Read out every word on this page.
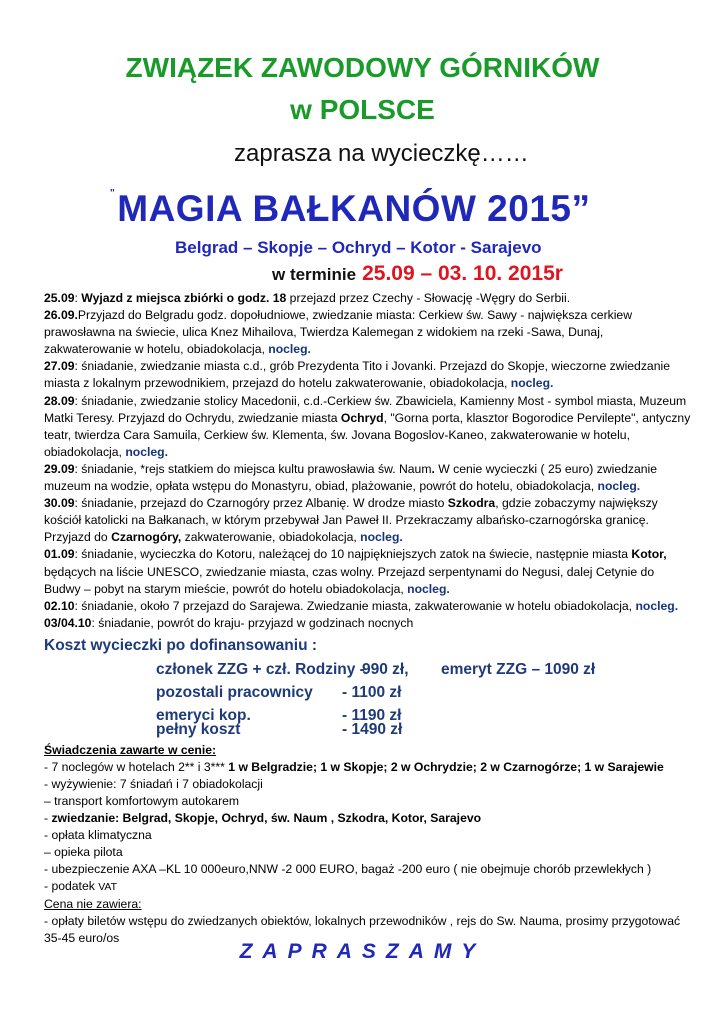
ZWIĄZEK ZAWODOWY GÓRNIKÓW
w POLSCE
zaprasza na wycieczkę……
"MAGIA BAŁKANÓW 2015”
Belgrad – Skopje – Ochryd – Kotor - Sarajevo
w terminie 25.09 – 03. 10. 2015r

25.09: Wyjazd z miejsca zbiórki o godz. 18 przejazd przez Czechy - Słowację -Węgry do Serbii.

26.09.Przyjazd do Belgradu godz. dopołudniowe, zwiedzanie miasta: Cerkiew św. Sawy - największa cerkiew prawosławna na świecie, ulica Knez Mihailova, Twierdza Kalemegan z widokiem na rzeki -Sawa, Dunaj, zakwaterowanie w hotelu, obiadokolacja, nocleg.

27.09: śniadanie, zwiedzanie miasta c.d., grób Prezydenta Tito i Jovanki. Przejazd do Skopje, wieczorne zwiedzanie miasta z lokalnym przewodnikiem, przejazd do hotelu zakwaterowanie, obiadokolacja, nocleg.

28.09: śniadanie, zwiedzanie stolicy Macedonii, c.d.-Cerkiew św. Zbawiciela, Kamienny Most - symbol miasta, Muzeum Matki Teresy. Przyjazd do Ochrydu, zwiedzanie miasta Ochryd, "Gorna porta, klasztor Bogorodice Pervilepte", antyczny teatr, twierdza Cara Samuila, Cerkiew św. Klementa, św. Jovana Bogoslov-Kaneo, zakwaterowanie w hotelu, obiadokolacja, nocleg.

29.09: śniadanie, *rejs statkiem do miejsca kultu prawosławia św. Naum. W cenie wycieczki ( 25 euro) zwiedzanie muzeum na wodzie, opłata wstępu do Monastyru, obiad, plażowanie, powrót do hotelu, obiadokolacja, nocleg.

30.09: śniadanie, przejazd do Czarnogóry przez Albanię. W drodze miasto Szkodra, gdzie zobaczymy największy kościół katolicki na Bałkanach, w którym przebywał Jan Paweł II. Przekraczamy albańsko-czarnogórska granicę. Przyjazd do Czarnogóry, zakwaterowanie, obiadokolacja, nocleg.

01.09: śniadanie, wycieczka do Kotoru, należącej do 10 najpiękniejszych zatok na świecie, następnie miasta Kotor, będących na liście UNESCO, zwiedzanie miasta, czas wolny. Przejazd serpentynami do Negusi, dalej Cetynie do Budwy – pobyt na starym mieście, powrót do hotelu obiadokolacja, nocleg.

02.10: śniadanie, około 7 przejazd do Sarajewa. Zwiedzanie miasta, zakwaterowanie w hotelu obiadokolacja, nocleg.

03/04.10: śniadanie, powrót do kraju- przyjazd w godzinach nocnych

Koszt wycieczki po dofinansowaniu :
członek ZZG + czł. Rodziny -
990 zł, emeryt ZZG – 1090 zł
pozostali pracownicy - 1100 zł
emeryci kop.	- 1190 zł
pełny koszt	- 1490 zł

Świadczenia zawarte w cenie:

- 7 noclegów w hotelach 2** i 3*** 1 w Belgradzie; 1 w Skopje; 2 w Ochrydzie; 2 w Czarnogórze; 1 w Sarajewie

- wyżywienie: 7 śniadań i 7 obiadokolacji

– transport komfortowym autokarem

- zwiedzanie: Belgrad, Skopje, Ochryd, św. Naum , Szkodra, Kotor, Sarajevo

- opłata klimatyczna

– opieka pilota

- ubezpieczenie AXA –KL 10 000euro,NNW -2 000 EURO, bagaż -200 euro ( nie obejmuje chorób przewlekłych )

- podatek VAT

Cena nie zawiera:

- opłaty biletów wstępu do zwiedzanych obiektów, lokalnych przewodników , rejs do Sw. Nauma, prosimy przygotować 35-45 euro/os

ZAPRASZAMY
